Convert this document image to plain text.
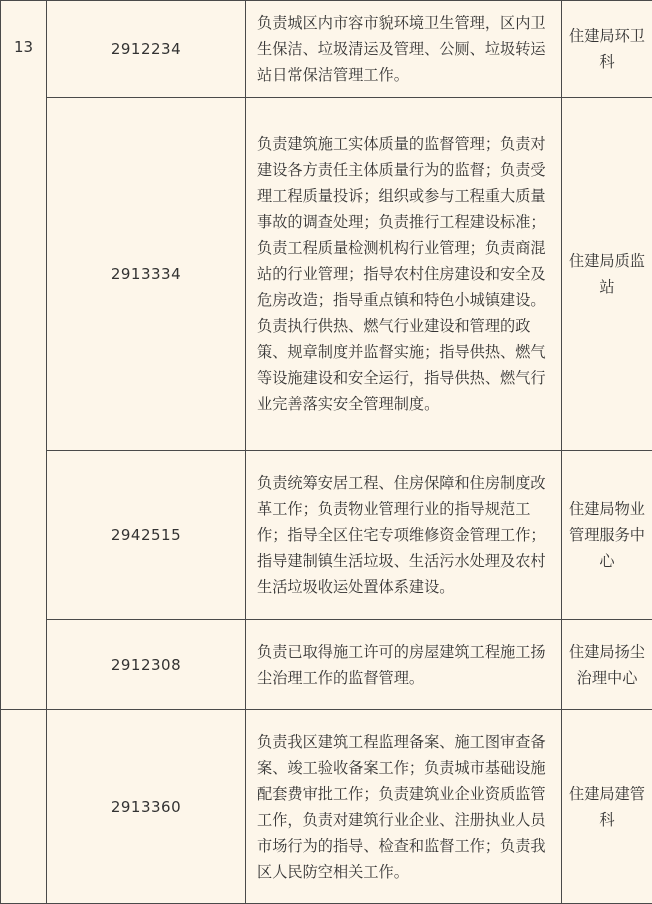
13	2912234	负责城区内市容市貌环境卫生管理，区内卫生保洁、垃圾清运及管理、公厕、垃圾转运站日常保洁管理工作。	住建局环卫科
	2913334	负责建筑施工实体质量的监督管理；负责对建设各方责任主体质量行为的监督；负责受理工程质量投诉；组织或参与工程重大质量事故的调查处理；负责推行工程建设标准；负责工程质量检测机构行业管理；负责商混站的行业管理；指导农村住房建设和安全及危房改造；指导重点镇和特色小城镇建设。负责执行供热、燃气行业建设和管理的政策、规章制度并监督实施；指导供热、燃气等设施建设和安全运行，指导供热、燃气行业完善落实安全管理制度。	住建局质监站
	2942515	负责统筹安居工程、住房保障和住房制度改革工作；负责物业管理行业的指导规范工作；指导全区住宅专项维修资金管理工作；指导建制镇生活垃圾、生活污水处理及农村生活垃圾收运处置体系建设。	住建局物业管理服务中心
	2912308	负责已取得施工许可的房屋建筑工程施工扬尘治理工作的监督管理。	住建局扬尘治理中心
	2913360	负责我区建筑工程监理备案、施工图审查备案、竣工验收备案工作；负责城市基础设施配套费审批工作；负责建筑业企业资质监管工作，负责对建筑行业企业、注册执业人员市场行为的指导、检查和监督工作；负责我区人民防空相关工作。	住建局建管科
